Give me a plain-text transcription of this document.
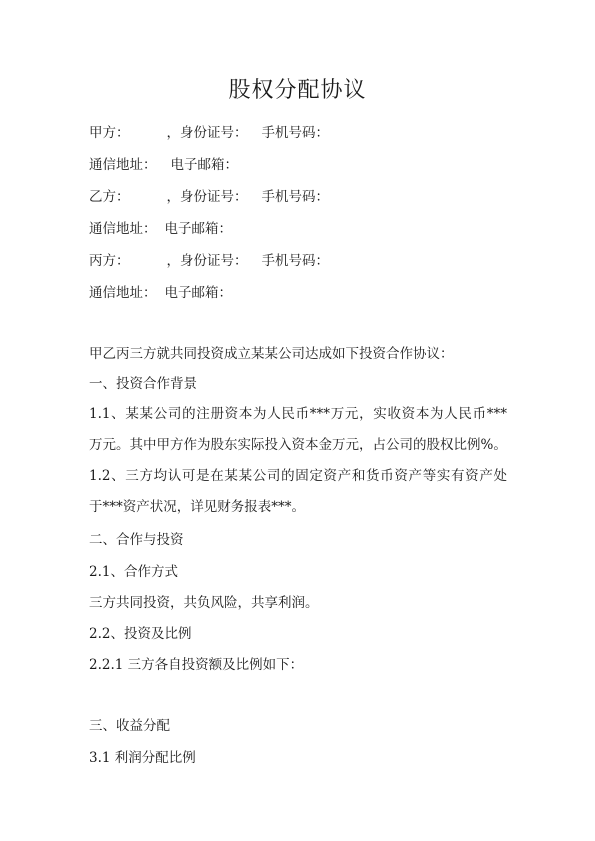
股权分配协议
甲方：	，身份证号： 手机号码：
通信地址： 电子邮箱：
乙方：	，身份证号： 手机号码：
通信地址： 电子邮箱：
丙方：	，身份证号： 手机号码：
通信地址： 电子邮箱：
甲乙丙三方就共同投资成立某某公司达成如下投资合作协议：
一、投资合作背景
1.1、某某公司的注册资本为人民币***万元，实收资本为人民币***
万元。其中甲方作为股东实际投入资本金万元，占公司的股权比例%。
1.2、三方均认可是在某某公司的固定资产和货币资产等实有资产处
于***资产状况，详见财务报表***。
二、合作与投资
2.1、合作方式
三方共同投资，共负风险，共享利润。
2.2、投资及比例
2.2.1 三方各自投资额及比例如下：
三、收益分配
3.1 利润分配比例
